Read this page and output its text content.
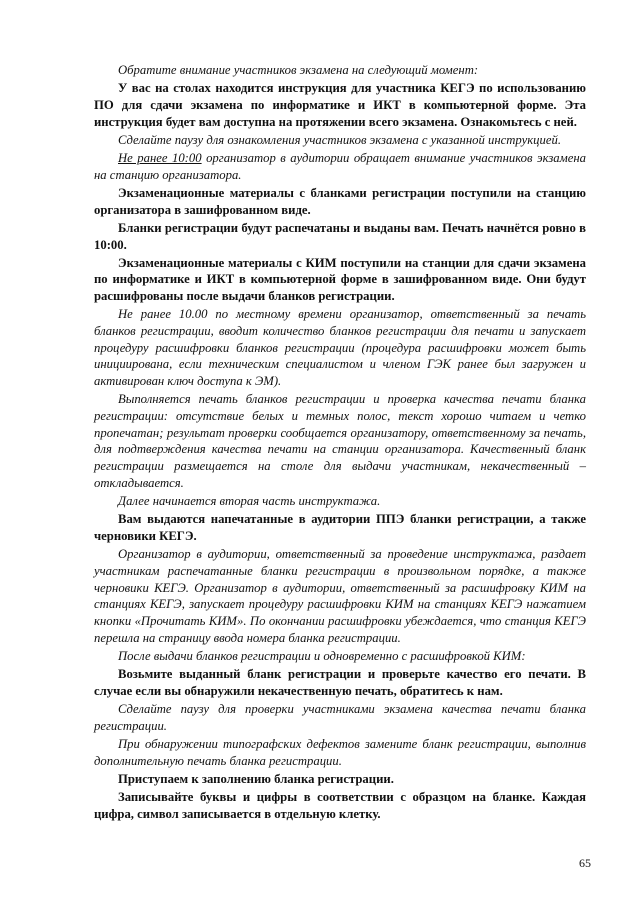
Обратите внимание участников экзамена на следующий момент:

У вас на столах находится инструкция для участника КЕГЭ по использованию ПО для сдачи экзамена по информатике и ИКТ в компьютерной форме. Эта инструкция будет вам доступна на протяжении всего экзамена. Ознакомьтесь с ней.

Сделайте паузу для ознакомления участников экзамена с указанной инструкцией.

Не ранее 10:00 организатор в аудитории обращает внимание участников экзамена на станцию организатора.

Экзаменационные материалы с бланками регистрации поступили на станцию организатора в зашифрованном виде.

Бланки регистрации будут распечатаны и выданы вам. Печать начнётся ровно в 10:00.

Экзаменационные материалы с КИМ поступили на станции для сдачи экзамена по информатике и ИКТ в компьютерной форме в зашифрованном виде. Они будут расшифрованы после выдачи бланков регистрации.

Не ранее 10.00 по местному времени организатор, ответственный за печать бланков регистрации, вводит количество бланков регистрации для печати и запускает процедуру расшифровки бланков регистрации (процедура расшифровки может быть инициирована, если техническим специалистом и членом ГЭК ранее был загружен и активирован ключ доступа к ЭМ).

Выполняется печать бланков регистрации и проверка качества печати бланка регистрации: отсутствие белых и темных полос, текст хорошо читаем и четко пропечатан; результат проверки сообщается организатору, ответственному за печать, для подтверждения качества печати на станции организатора. Качественный бланк регистрации размещается на столе для выдачи участникам, некачественный – откладывается.

Далее начинается вторая часть инструктажа.

Вам выдаются напечатанные в аудитории ППЭ бланки регистрации, а также черновики КЕГЭ.

Организатор в аудитории, ответственный за проведение инструктажа, раздает участникам распечатанные бланки регистрации в произвольном порядке, а также черновики КЕГЭ. Организатор в аудитории, ответственный за расшифровку КИМ на станциях КЕГЭ, запускает процедуру расшифровки КИМ на станциях КЕГЭ нажатием кнопки «Прочитать КИМ». По окончании расшифровки убеждается, что станция КЕГЭ перешла на страницу ввода номера бланка регистрации.

После выдачи бланков регистрации и одновременно с расшифровкой КИМ:

Возьмите выданный бланк регистрации и проверьте качество его печати. В случае если вы обнаружили некачественную печать, обратитесь к нам.

Сделайте паузу для проверки участниками экзамена качества печати бланка регистрации.

При обнаружении типографских дефектов замените бланк регистрации, выполнив дополнительную печать бланка регистрации.

Приступаем к заполнению бланка регистрации.

Записывайте буквы и цифры в соответствии с образцом на бланке. Каждая цифра, символ записывается в отдельную клетку.

65
